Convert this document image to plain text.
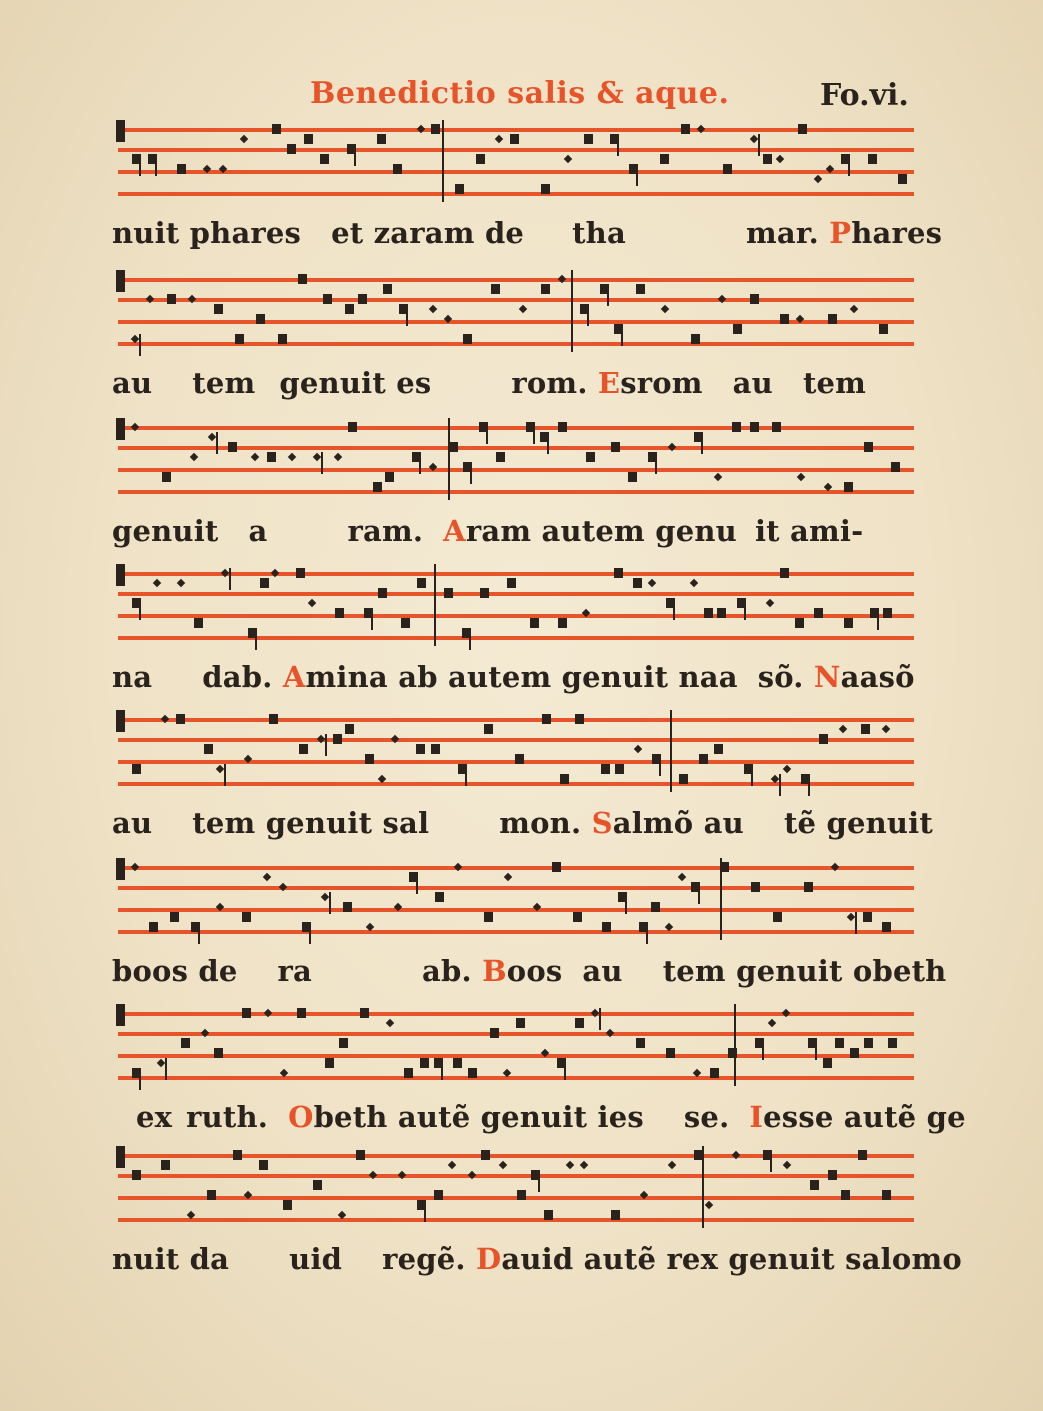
Benedictio salis & aque.	Fo.vi.
nuit phares et zaram de tha	mar. Phares
au tem genuit es	rom. Esrom au tem
genuit a	ram. Aram autem genu it ami-
na dab. Amina ab autem genuit naa sõ. Naasõ
au tem genuit sal mon. Salmõ au tẽ genuit
boos de ra	ab. Boos au tem genuit obeth
ex ruth. Obeth autẽ genuit ies se. Iesse autẽ ge
nuit da uid regẽ. Dauid autẽ rex genuit salomo
